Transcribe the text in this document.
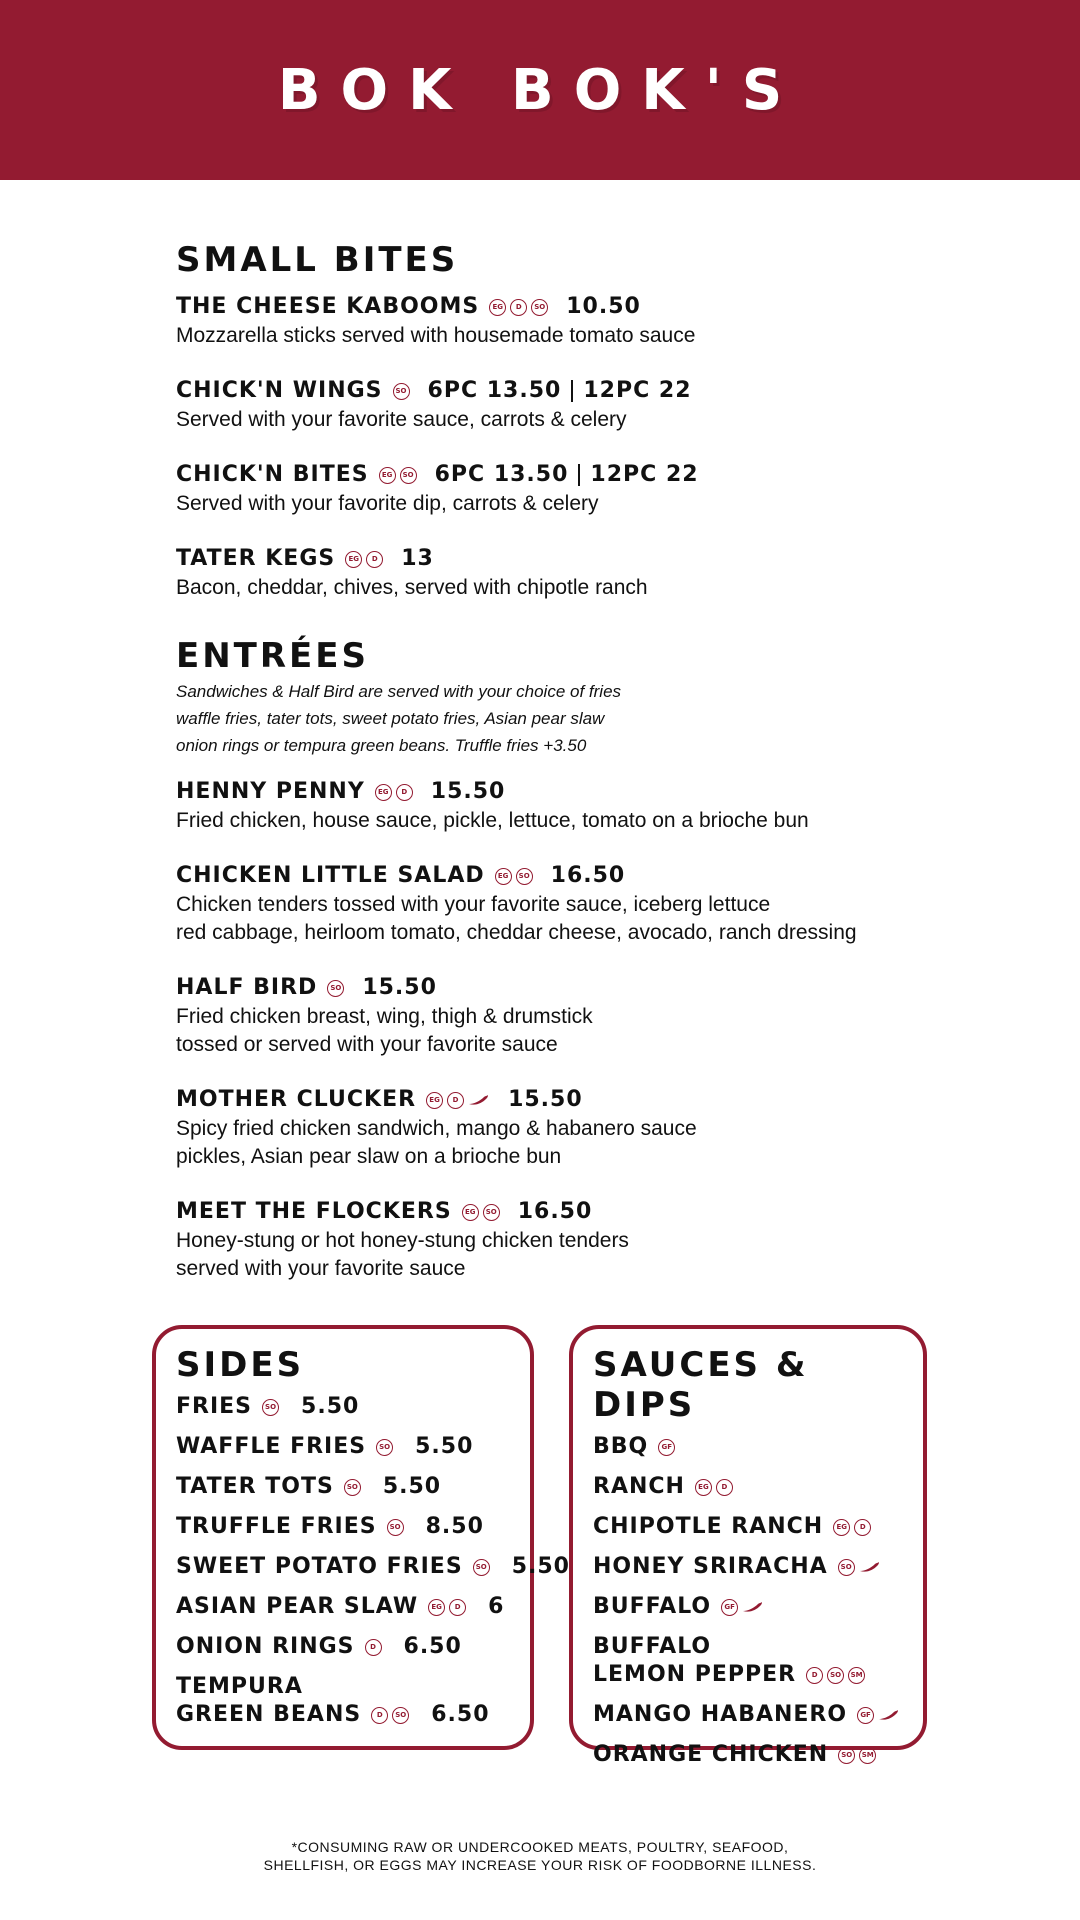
BOK BOK'S
SMALL BITES
THE CHEESE KABOOMS	EG	D	SO 10.50
Mozzarella sticks served with housemade tomato sauce
CHICK'N WINGS	SO 6PC 13.50 12PC 22
Served with your favorite sauce, carrots & celery
CHICK'N BITES	EG	SO 6PC 13.50 12PC 22
Served with your favorite dip, carrots & celery
TATER KEGS	EG	D 13
Bacon, cheddar, chives, served with chipotle ranch
ENTRÉES
Sandwiches & Half Bird are served with your choice of fries
waffle fries, tater tots, sweet potato fries, Asian pear slaw
onion rings or tempura green beans. Truffle fries +3.50
HENNY PENNY	EG	D 15.50
Fried chicken, house sauce, pickle, lettuce, tomato on a brioche bun
CHICKEN LITTLE SALAD	EG	SO 16.50
Chicken tenders tossed with your favorite sauce, iceberg lettuce
red cabbage, heirloom tomato, cheddar cheese, avocado, ranch dressing
HALF BIRD	SO 15.50
Fried chicken breast, wing, thigh & drumstick
tossed or served with your favorite sauce
MOTHER CLUCKER	EG	D 15.50
Spicy fried chicken sandwich, mango & habanero sauce
pickles, Asian pear slaw on a brioche bun
MEET THE FLOCKERS	EG	SO 16.50
Honey-stung or hot honey-stung chicken tenders
served with your favorite sauce
SIDES
FRIES	SO 5.50
WAFFLE FRIES	SO 5.50
TATER TOTS	SO 5.50
TRUFFLE FRIES	SO 8.50
SWEET POTATO FRIES	SO 5.50
ASIAN PEAR SLAW	EG	D 6
ONION RINGS	D 6.50
TEMPURA
GREEN BEANS	D	SO 6.50
SAUCES & DIPS
BBQ	GF
RANCH	EG	D
CHIPOTLE RANCH	EG	D
HONEY SRIRACHA	SO
BUFFALO	GF
BUFFALO
LEMON PEPPER	D	SO	SM
MANGO HABANERO	GF
ORANGE CHICKEN	SO	SM
*CONSUMING RAW OR UNDERCOOKED MEATS, POULTRY, SEAFOOD,
SHELLFISH, OR EGGS MAY INCREASE YOUR RISK OF FOODBORNE ILLNESS.
